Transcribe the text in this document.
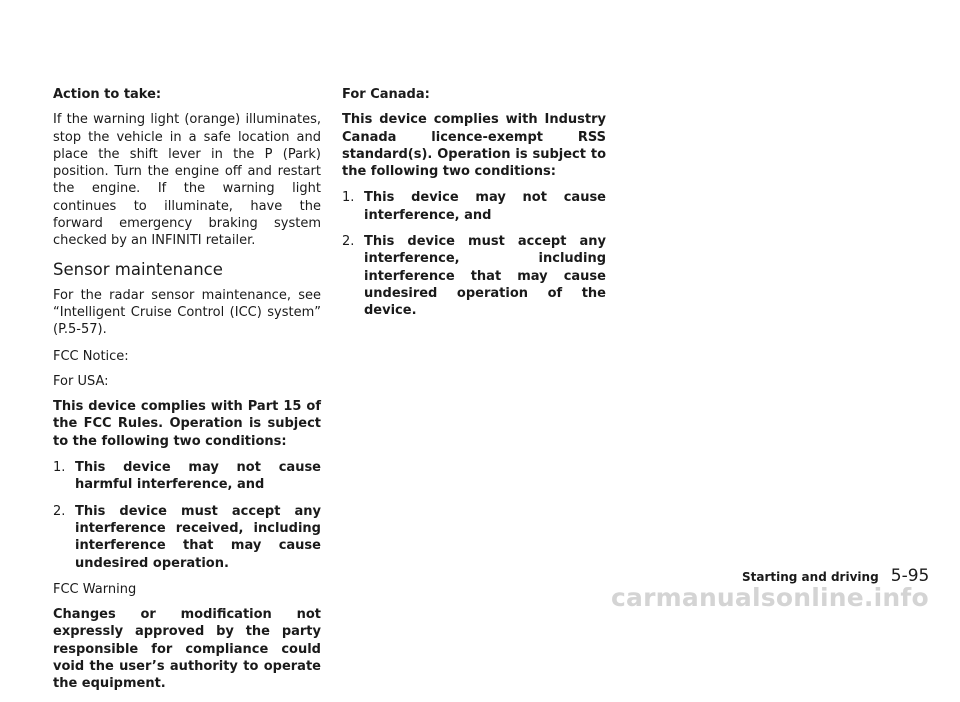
Action to take:

If the warning light (orange) illuminates, stop the vehicle in a safe location and place the shift lever in the P (Park) position. Turn the engine off and restart the engine. If the warning light continues to illuminate, have the forward emergency braking system checked by an INFINITI retailer.

Sensor maintenance

For the radar sensor maintenance, see “Intelligent Cruise Control (ICC) system” (P.5-57).

FCC Notice:

For USA:

This device complies with Part 15 of the FCC Rules. Operation is subject to the following two conditions:

1. This device may not cause harmful interference, and
2. This device must accept any interference received, including interference that may cause undesired operation.

FCC Warning

Changes or modification not expressly approved by the party responsible for compliance could void the user’s authority to operate the equipment.

For Canada:

This device complies with Industry Canada licence-exempt RSS standard(s). Operation is subject to the following two conditions:

1. This device may not cause interference, and
2. This device must accept any interference, including interference that may cause undesired operation of the device.
Starting and driving 5-95
carmanualsonline.info
